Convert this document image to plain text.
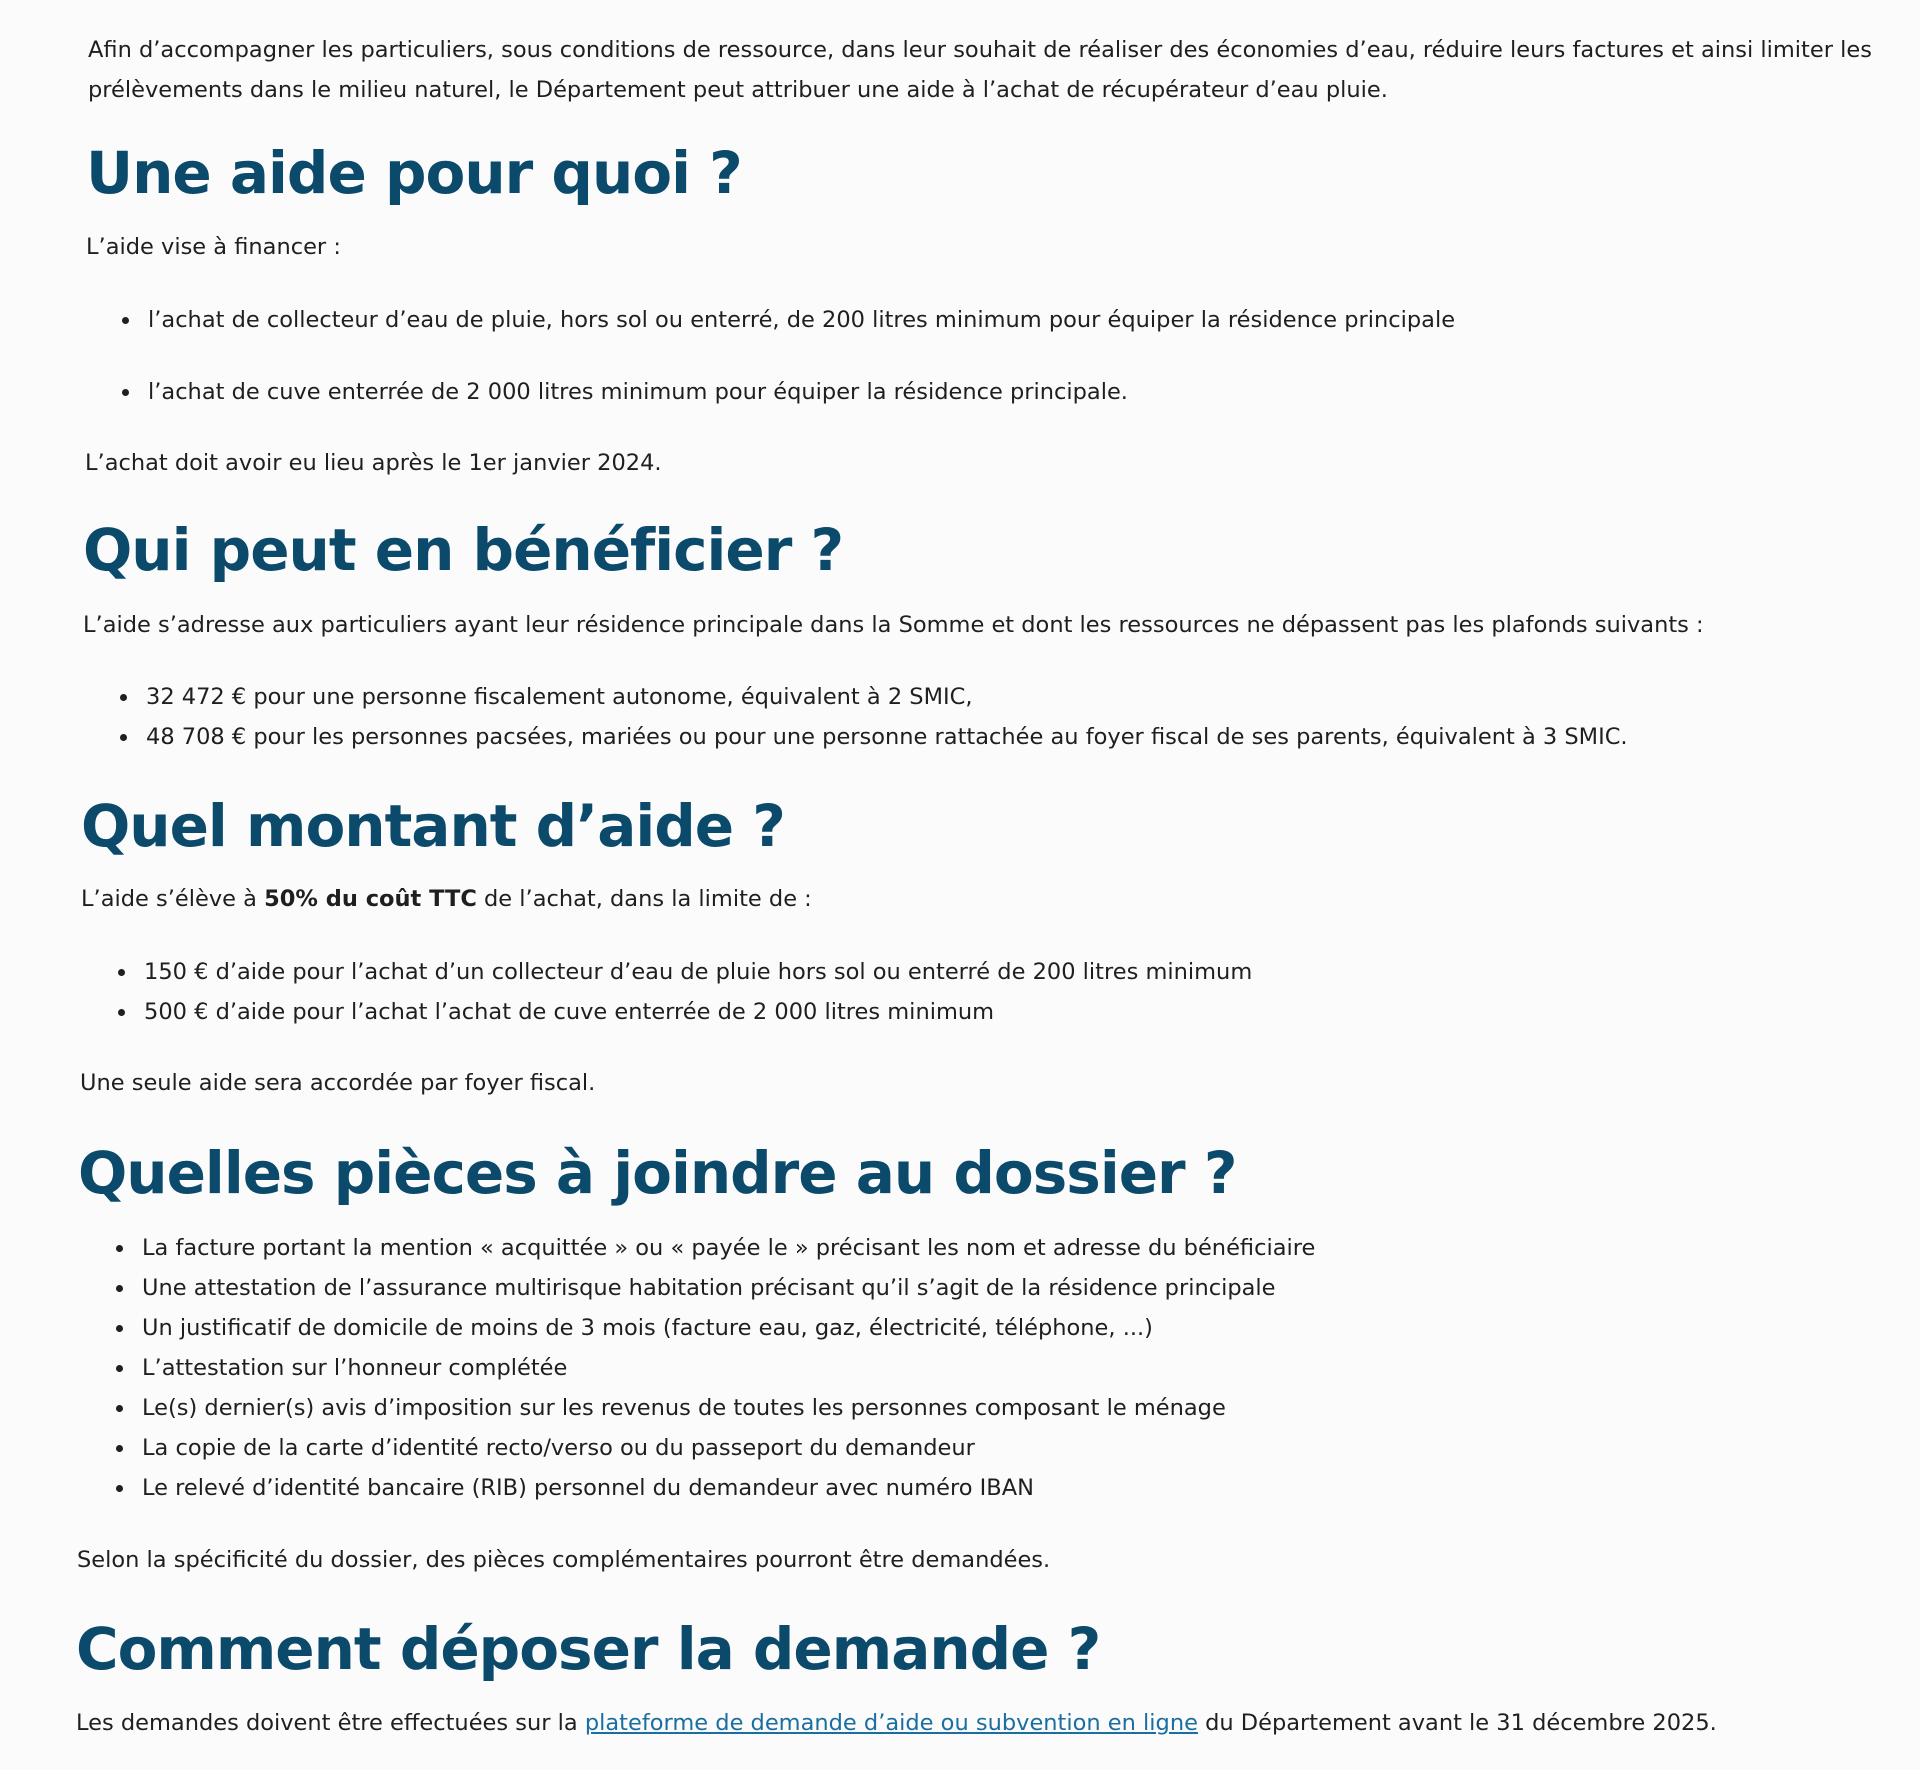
Afin d’accompagner les particuliers, sous conditions de ressource, dans leur souhait de réaliser des économies d’eau, réduire leurs factures et ainsi limiter les prélèvements dans le milieu naturel, le Département peut attribuer une aide à l’achat de récupérateur d’eau pluie.

Une aide pour quoi ?

L’aide vise à financer :

l’achat de collecteur d’eau de pluie, hors sol ou enterré, de 200 litres minimum pour équiper la résidence principale
l’achat de cuve enterrée de 2 000 litres minimum pour équiper la résidence principale.

L’achat doit avoir eu lieu après le 1er janvier 2024.

Qui peut en bénéficier ?

L’aide s’adresse aux particuliers ayant leur résidence principale dans la Somme et dont les ressources ne dépassent pas les plafonds suivants :

32 472 € pour une personne fiscalement autonome, équivalent à 2 SMIC,
48 708 € pour les personnes pacsées, mariées ou pour une personne rattachée au foyer fiscal de ses parents, équivalent à 3 SMIC.
Quel montant d’aide ?

L’aide s’élève à 50% du coût TTC de l’achat, dans la limite de :

150 € d’aide pour l’achat d’un collecteur d’eau de pluie hors sol ou enterré de 200 litres minimum
500 € d’aide pour l’achat l’achat de cuve enterrée de 2 000 litres minimum

Une seule aide sera accordée par foyer fiscal.

Quelles pièces à joindre au dossier ?
La facture portant la mention « acquittée » ou « payée le » précisant les nom et adresse du bénéficiaire
Une attestation de l’assurance multirisque habitation précisant qu’il s’agit de la résidence principale
Un justificatif de domicile de moins de 3 mois (facture eau, gaz, électricité, téléphone, ...)
L’attestation sur l’honneur complétée
Le(s) dernier(s) avis d’imposition sur les revenus de toutes les personnes composant le ménage
La copie de la carte d’identité recto/verso ou du passeport du demandeur
Le relevé d’identité bancaire (RIB) personnel du demandeur avec numéro IBAN

Selon la spécificité du dossier, des pièces complémentaires pourront être demandées.

Comment déposer la demande ?

Les demandes doivent être effectuées sur la plateforme de demande d’aide ou subvention en ligne du Département avant le 31 décembre 2025.
